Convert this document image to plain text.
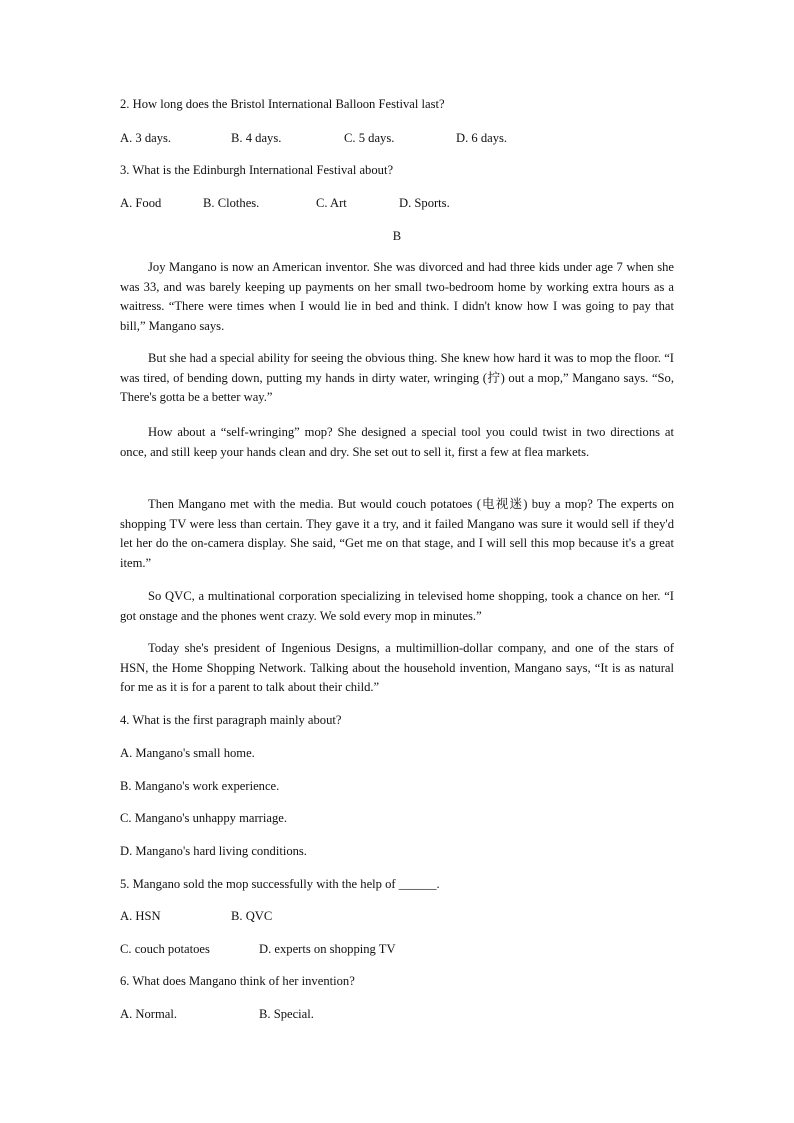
2. How long does the Bristol International Balloon Festival last?
A. 3 days.	B. 4 days.	C. 5 days.	D. 6 days.
3. What is the Edinburgh International Festival about?
A. Food	B. Clothes.	C. Art	D. Sports.
B

Joy Mangano is now an American inventor. She was divorced and had three kids under age 7 when she was 33, and was barely keeping up payments on her small two-bedroom home by working extra hours as a waitress. “There were times when I would lie in bed and think. I didn't know how I was going to pay that bill,” Mangano says.

But she had a special ability for seeing the obvious thing. She knew how hard it was to mop the floor. “I was tired, of bending down, putting my hands in dirty water, wringing (拧) out a mop,” Mangano says. “So, There's gotta be a better way.”

How about a “self-wringing” mop? She designed a special tool you could twist in two directions at once, and still keep your hands clean and dry. She set out to sell it, first a few at flea markets.

Then Mangano met with the media. But would couch potatoes (电视迷) buy a mop? The experts on shopping TV were less than certain. They gave it a try, and it failed Mangano was sure it would sell if they'd let her do the on-camera display. She said, “Get me on that stage, and I will sell this mop because it's a great item.”

So QVC, a multinational corporation specializing in televised home shopping, took a chance on her. “I got onstage and the phones went crazy. We sold every mop in minutes.”

Today she's president of Ingenious Designs, a multimillion-dollar company, and one of the stars of HSN, the Home Shopping Network. Talking about the household invention, Mangano says, “It is as natural for me as it is for a parent to talk about their child.”

4. What is the first paragraph mainly about?
A. Mangano's small home.
B. Mangano's work experience.
C. Mangano's unhappy marriage.
D. Mangano's hard living conditions.
5. Mangano sold the mop successfully with the help of ______.
A. HSN	B. QVC
C. couch potatoes	D. experts on shopping TV
6. What does Mangano think of her invention?
A. Normal.	B. Special.
